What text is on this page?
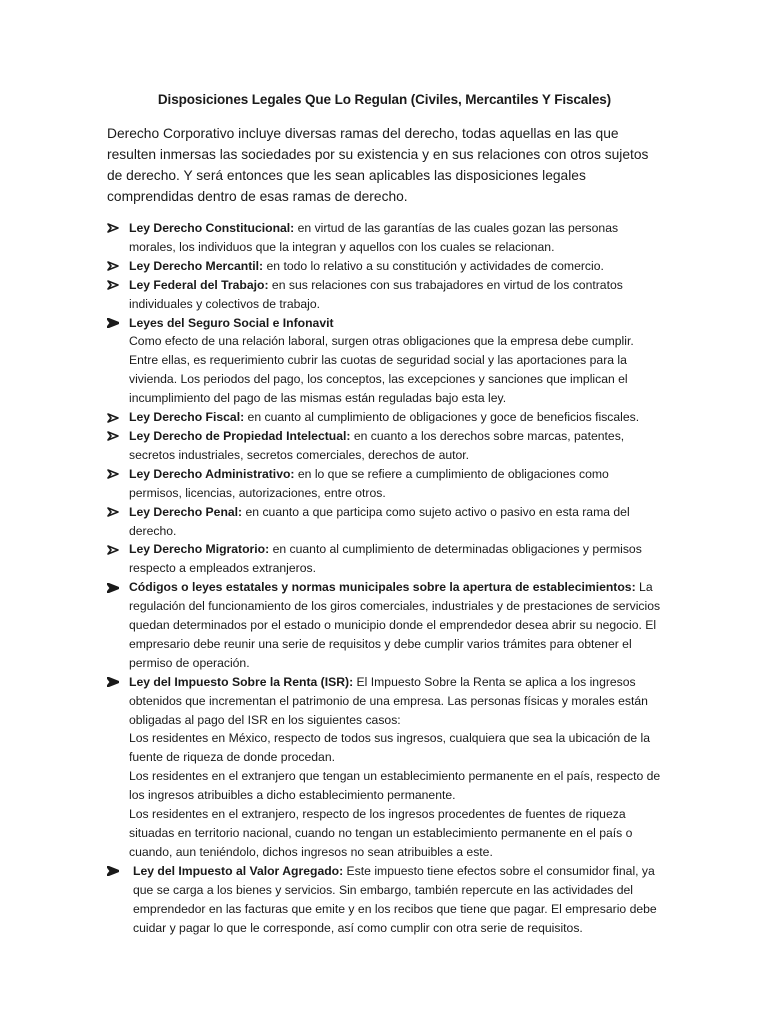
Disposiciones Legales Que Lo Regulan (Civiles, Mercantiles Y Fiscales)

Derecho Corporativo incluye diversas ramas del derecho, todas aquellas en las que resulten inmersas las sociedades por su existencia y en sus relaciones con otros sujetos de derecho. Y será entonces que les sean aplicables las disposiciones legales comprendidas dentro de esas ramas de derecho.

Ley Derecho Constitucional: en virtud de las garantías de las cuales gozan las personas morales, los individuos que la integran y aquellos con los cuales se relacionan.
Ley Derecho Mercantil: en todo lo relativo a su constitución y actividades de comercio.
Ley Federal del Trabajo: en sus relaciones con sus trabajadores en virtud de los contratos individuales y colectivos de trabajo.
Leyes del Seguro Social e Infonavit
Como efecto de una relación laboral, surgen otras obligaciones que la empresa debe cumplir. Entre ellas, es requerimiento cubrir las cuotas de seguridad social y las aportaciones para la vivienda. Los periodos del pago, los conceptos, las excepciones y sanciones que implican el incumplimiento del pago de las mismas están reguladas bajo esta ley.
Ley Derecho Fiscal: en cuanto al cumplimiento de obligaciones y goce de beneficios fiscales.
Ley Derecho de Propiedad Intelectual: en cuanto a los derechos sobre marcas, patentes, secretos industriales, secretos comerciales, derechos de autor.
Ley Derecho Administrativo: en lo que se refiere a cumplimiento de obligaciones como permisos, licencias, autorizaciones, entre otros.
Ley Derecho Penal: en cuanto a que participa como sujeto activo o pasivo en esta rama del derecho.
Ley Derecho Migratorio: en cuanto al cumplimiento de determinadas obligaciones y permisos respecto a empleados extranjeros.
Códigos o leyes estatales y normas municipales sobre la apertura de establecimientos: La regulación del funcionamiento de los giros comerciales, industriales y de prestaciones de servicios quedan determinados por el estado o municipio donde el emprendedor desea abrir su negocio. El empresario debe reunir una serie de requisitos y debe cumplir varios trámites para obtener el permiso de operación.
Ley del Impuesto Sobre la Renta (ISR): El Impuesto Sobre la Renta se aplica a los ingresos obtenidos que incrementan el patrimonio de una empresa. Las personas físicas y morales están obligadas al pago del ISR en los siguientes casos:
Los residentes en México, respecto de todos sus ingresos, cualquiera que sea la ubicación de la fuente de riqueza de donde procedan.
Los residentes en el extranjero que tengan un establecimiento permanente en el país, respecto de los ingresos atribuibles a dicho establecimiento permanente.
Los residentes en el extranjero, respecto de los ingresos procedentes de fuentes de riqueza situadas en territorio nacional, cuando no tengan un establecimiento permanente en el país o cuando, aun teniéndolo, dichos ingresos no sean atribuibles a este.
Ley del Impuesto al Valor Agregado: Este impuesto tiene efectos sobre el consumidor final, ya que se carga a los bienes y servicios. Sin embargo, también repercute en las actividades del emprendedor en las facturas que emite y en los recibos que tiene que pagar. El empresario debe cuidar y pagar lo que le corresponde, así como cumplir con otra serie de requisitos.
